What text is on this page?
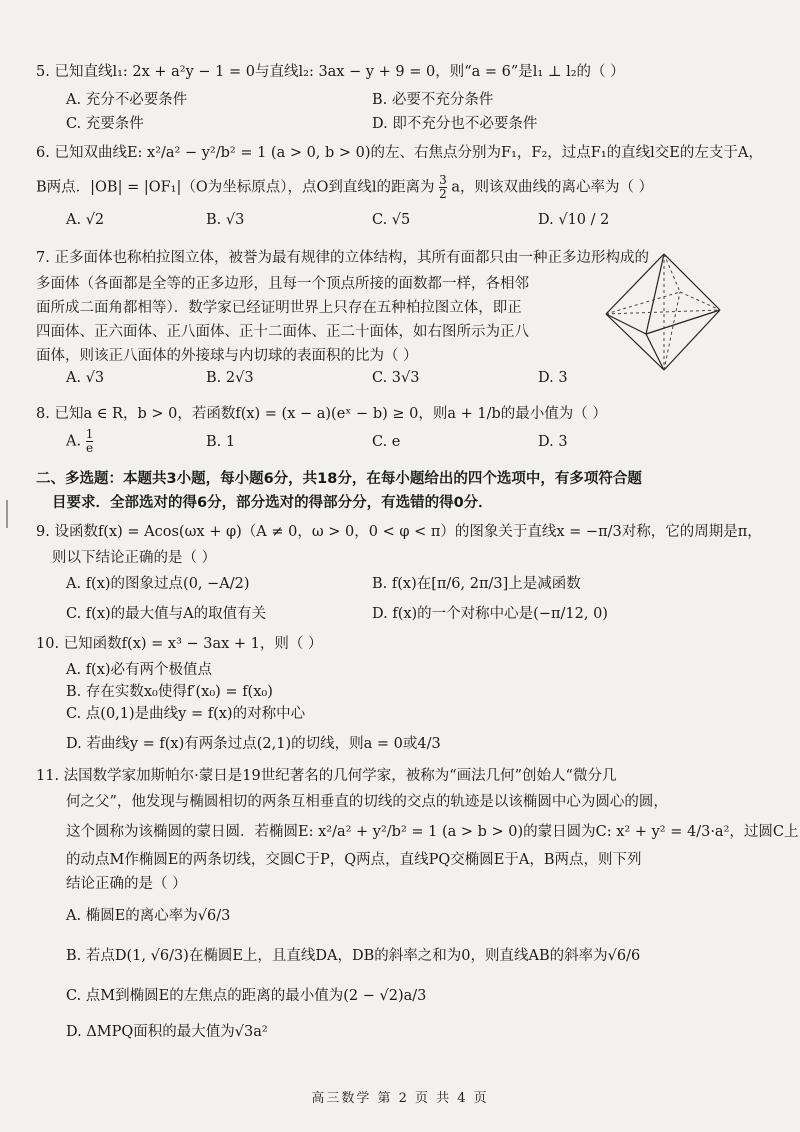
5. 已知直线l₁: 2x + a²y − 1 = 0与直线l₂: 3ax − y + 9 = 0，则“a = 6”是l₁ ⊥ l₂的（ ）
A. 充分不必要条件	B. 必要不充分条件
C. 充要条件	D. 即不充分也不必要条件
6. 已知双曲线E: x²/a² − y²/b² = 1 (a > 0, b > 0)的左、右焦点分别为F₁，F₂，过点F₁的直线l交E的左支于A，
B两点．|OB| = |OF₁|（O为坐标原点），点O到直线l的距离为 $\frac{3}{2}$ a，则该双曲线的离心率为（ ）
A. √2	B. √3	C. √5	D. √10 / 2
7. 正多面体也称柏拉图立体，被誉为最有规律的立体结构，其所有面都只由一种正多边形构成的
多面体（各面都是全等的正多边形，且每一个顶点所接的面数都一样，各相邻
面所成二面角都相等）．数学家已经证明世界上只存在五种柏拉图立体，即正
四面体、正六面体、正八面体、正十二面体、正二十面体，如右图所示为正八
面体，则该正八面体的外接球与内切球的表面积的比为（ ）
A. √3	B. 2√3	C. 3√3	D. 3
8. 已知a ∈ R，b > 0，若函数f(x) = (x − a)(eˣ − b) ≥ 0，则a + 1/b的最小值为（ ）
A. $\frac{1}{e}$	B. 1	C. e	D. 3
二、多选题：本题共3小题，每小题6分，共18分，在每小题给出的四个选项中，有多项符合题
目要求．全部选对的得6分，部分选对的得部分分，有选错的得0分．
9. 设函数f(x) = Acos(ωx + φ)（A ≠ 0，ω > 0，0 < φ < π）的图象关于直线x = −π/3对称，它的周期是π，
则以下结论正确的是（ ）
A. f(x)的图象过点(0, −A/2)	B. f(x)在[π/6, 2π/3]上是减函数
C. f(x)的最大值与A的取值有关	D. f(x)的一个对称中心是(−π/12, 0)
10. 已知函数f(x) = x³ − 3ax + 1，则（ ）
A. f(x)必有两个极值点
B. 存在实数x₀使得f′(x₀) = f(x₀)
C. 点(0,1)是曲线y = f(x)的对称中心
D. 若曲线y = f(x)有两条过点(2,1)的切线，则a = 0或4/3
11. 法国数学家加斯帕尔·蒙日是19世纪著名的几何学家，被称为“画法几何”创始人“微分几
何之父”，他发现与椭圆相切的两条互相垂直的切线的交点的轨迹是以该椭圆中心为圆心的圆，
这个圆称为该椭圆的蒙日圆．若椭圆E: x²/a² + y²/b² = 1 (a > b > 0)的蒙日圆为C: x² + y² = 4/3·a²，过圆C上
的动点M作椭圆E的两条切线，交圆C于P，Q两点，直线PQ交椭圆E于A，B两点，则下列
结论正确的是（ ）
A. 椭圆E的离心率为√6/3
B. 若点D(1, √6/3)在椭圆E上，且直线DA，DB的斜率之和为0，则直线AB的斜率为√6/6
C. 点M到椭圆E的左焦点的距离的最小值为(2 − √2)a/3
D. ΔMPQ面积的最大值为√3a²
高三数学 第 2 页 共 4 页
